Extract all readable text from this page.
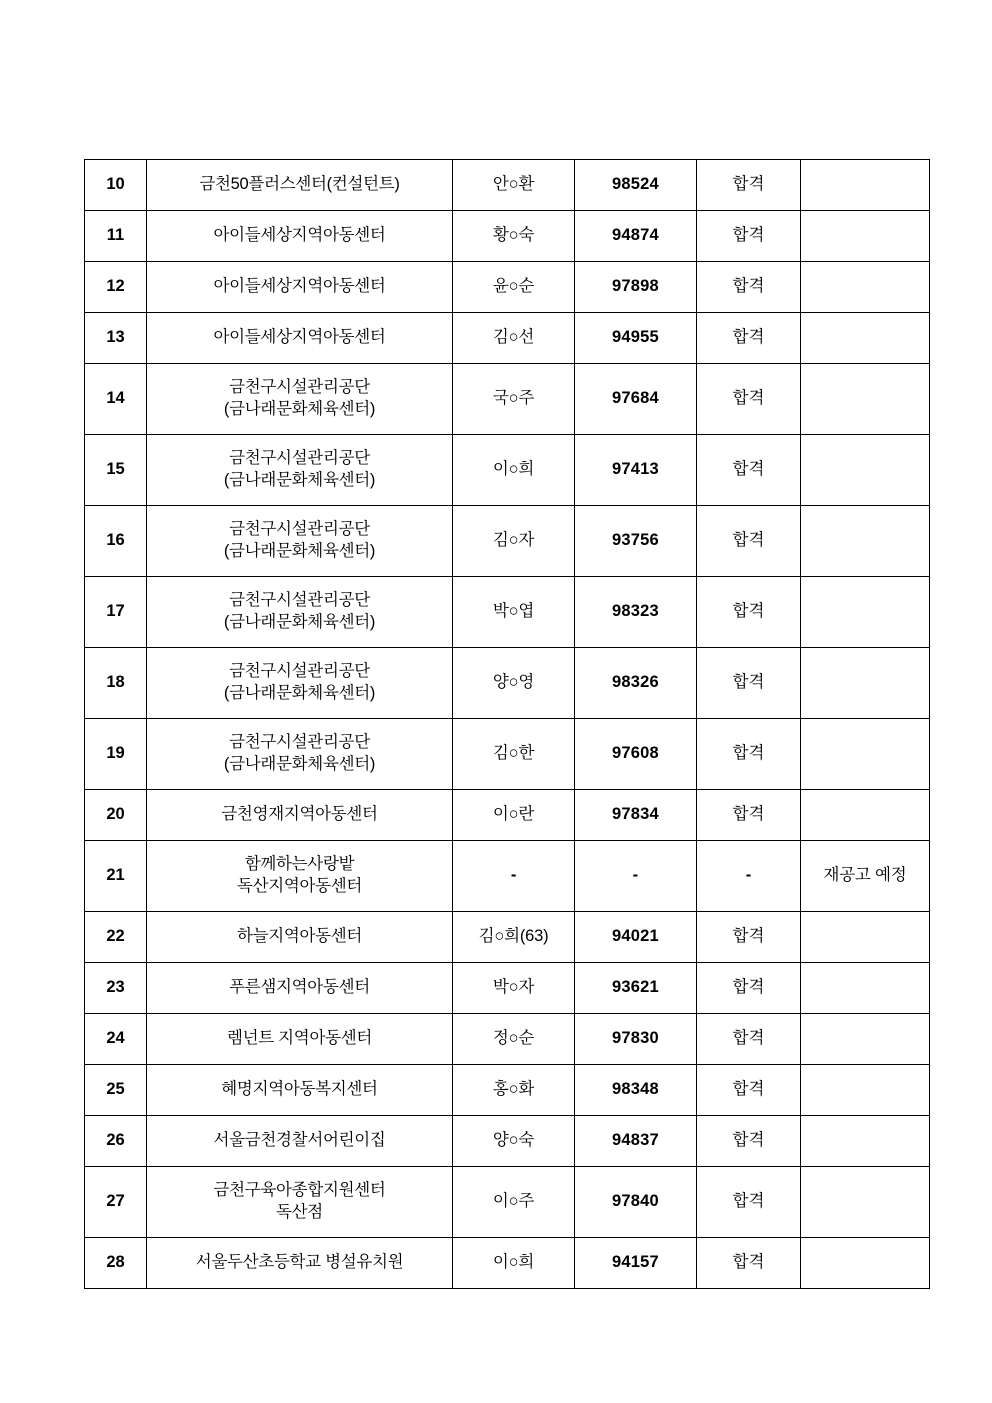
10	금천50플러스센터(컨설턴트)	안○환	98524	합격	
11	아이들세상지역아동센터	황○숙	94874	합격	
12	아이들세상지역아동센터	윤○순	97898	합격	
13	아이들세상지역아동센터	김○선	94955	합격	
14	금천구시설관리공단
(금나래문화체육센터)	국○주	97684	합격	
15	금천구시설관리공단
(금나래문화체육센터)	이○희	97413	합격	
16	금천구시설관리공단
(금나래문화체육센터)	김○자	93756	합격	
17	금천구시설관리공단
(금나래문화체육센터)	박○엽	98323	합격	
18	금천구시설관리공단
(금나래문화체육센터)	양○영	98326	합격	
19	금천구시설관리공단
(금나래문화체육센터)	김○한	97608	합격	
20	금천영재지역아동센터	이○란	97834	합격	
21	함께하는사랑밭
독산지역아동센터	-	-	-	재공고 예정
22	하늘지역아동센터	김○희(63)	94021	합격	
23	푸른샘지역아동센터	박○자	93621	합격	
24	렘넌트 지역아동센터	정○순	97830	합격	
25	혜명지역아동복지센터	홍○화	98348	합격	
26	서울금천경찰서어린이집	양○숙	94837	합격	
27	금천구육아종합지원센터
독산점	이○주	97840	합격	
28	서울두산초등학교 병설유치원	이○희	94157	합격	
